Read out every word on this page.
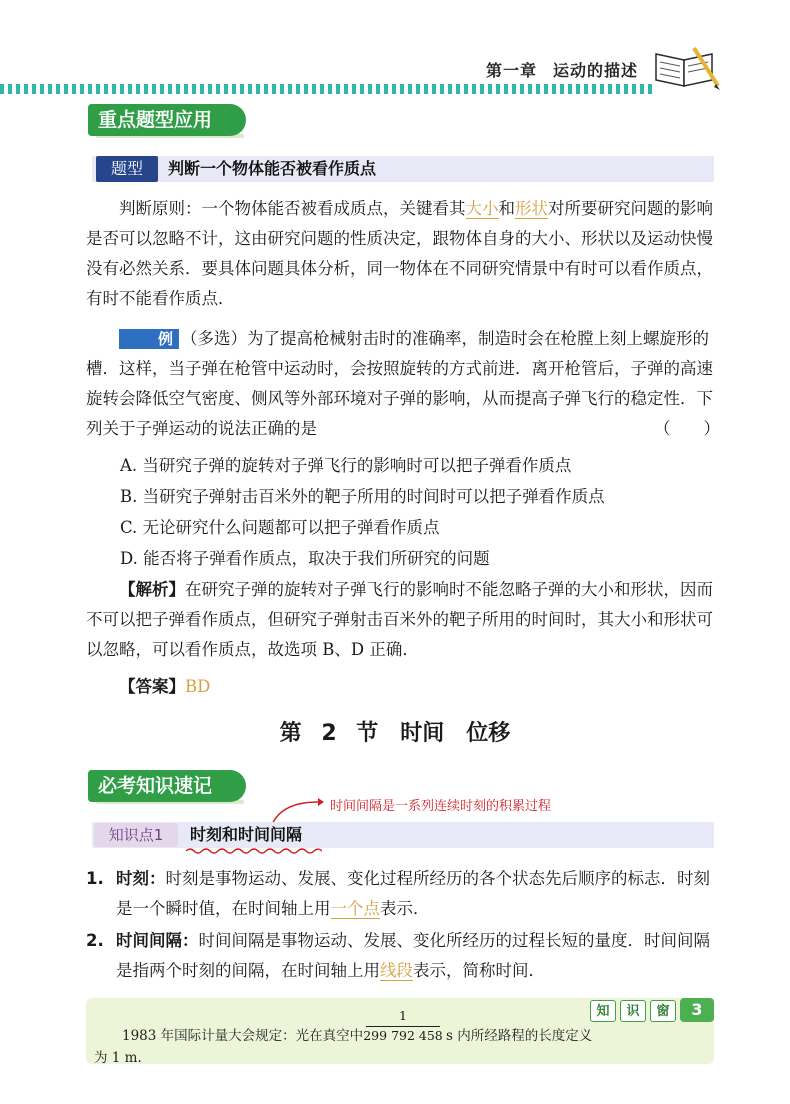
第一章 运动的描述
重点题型应用
题型	判断一个物体能否被看作质点
判断原则：一个物体能否被看成质点，关键看其大小和形状对所要研究问题的影响是否可以忽略不计，这由研究问题的性质决定，跟物体自身的大小、形状以及运动快慢没有必然关系．要具体问题具体分析，同一物体在不同研究情景中有时可以看作质点，有时不能看作质点．
例 （多选）为了提高枪械射击时的准确率，制造时会在枪膛上刻上螺旋形的槽．这样，当子弹在枪管中运动时，会按照旋转的方式前进．离开枪管后，子弹的高速旋转会降低空气密度、侧风等外部环境对子弹的影响，从而提高子弹飞行的稳定性．下列关于子弹运动的说法正确的是	（　　）
A. 当研究子弹的旋转对子弹飞行的影响时可以把子弹看作质点
B. 当研究子弹射击百米外的靶子所用的时间时可以把子弹看作质点
C. 无论研究什么问题都可以把子弹看作质点
D. 能否将子弹看作质点，取决于我们所研究的问题
【解析】在研究子弹的旋转对子弹飞行的影响时不能忽略子弹的大小和形状，因而不可以把子弹看作质点，但研究子弹射击百米外的靶子所用的时间时，其大小和形状可以忽略，可以看作质点，故选项 B、D 正确．
【答案】BD
第 2 节　时间　位移
必考知识速记
时间间隔是一系列连续时刻的积累过程
知识点1	时刻和时间间隔
1. 时刻：时刻是事物运动、发展、变化过程所经历的各个状态先后顺序的标志．时刻是一个瞬时值，在时间轴上用一个点表示．
2. 时间间隔：时间间隔是事物运动、发展、变化所经历的过程长短的量度．时间间隔是指两个时刻的间隔，在时间轴上用线段表示，简称时间．
1983 年国际计量大会规定：光在真空中
1
299 792 458 s 内所经路程的长度定义
为 1 m.
知	识	窗	3
